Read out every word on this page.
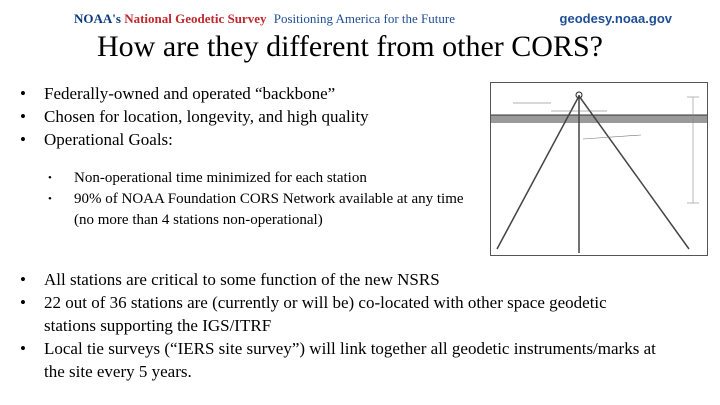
NOAA's National Geodetic Survey Positioning America for the Future	geodesy.noaa.gov
How are they different from other CORS?
• Federally-owned and operated “backbone”
• Chosen for location, longevity, and high quality
• Operational Goals:
• Non-operational time minimized for each station
• 90% of NOAA Foundation CORS Network available at any time (no more than 4 stations non-operational)
• All stations are critical to some function of the new NSRS
• 22 out of 36 stations are (currently or will be) co-located with other space geodetic stations supporting the IGS/ITRF
• Local tie surveys (“IERS site survey”) will link together all geodetic instruments/marks at the site every 5 years.
